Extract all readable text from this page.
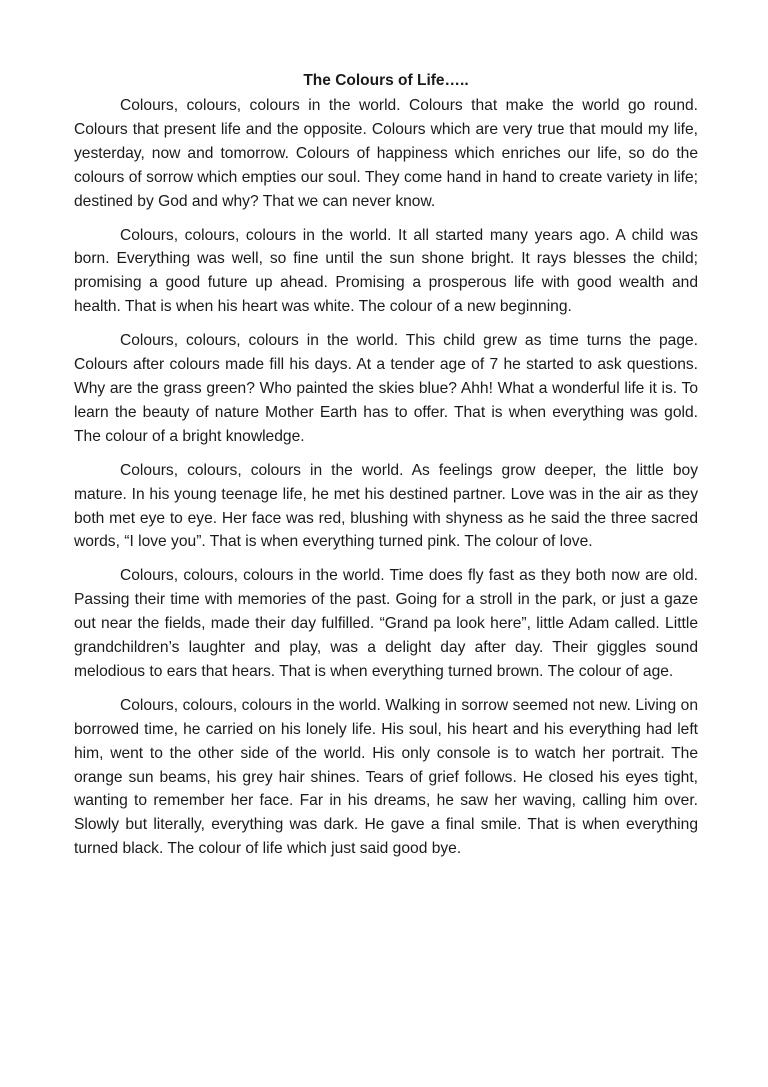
The Colours of Life…..

Colours, colours, colours in the world. Colours that make the world go round. Colours that present life and the opposite. Colours which are very true that mould my life, yesterday, now and tomorrow. Colours of happiness which enriches our life, so do the colours of sorrow which empties our soul. They come hand in hand to create variety in life; destined by God and why? That we can never know.

Colours, colours, colours in the world. It all started many years ago. A child was born. Everything was well, so fine until the sun shone bright. It rays blesses the child; promising a good future up ahead. Promising a prosperous life with good wealth and health. That is when his heart was white. The colour of a new beginning.

Colours, colours, colours in the world. This child grew as time turns the page. Colours after colours made fill his days. At a tender age of 7 he started to ask questions. Why are the grass green? Who painted the skies blue? Ahh! What a wonderful life it is. To learn the beauty of nature Mother Earth has to offer. That is when everything was gold. The colour of a bright knowledge.

Colours, colours, colours in the world. As feelings grow deeper, the little boy mature. In his young teenage life, he met his destined partner. Love was in the air as they both met eye to eye. Her face was red, blushing with shyness as he said the three sacred words, “I love you”. That is when everything turned pink. The colour of love.

Colours, colours, colours in the world. Time does fly fast as they both now are old. Passing their time with memories of the past. Going for a stroll in the park, or just a gaze out near the fields, made their day fulfilled. “Grand pa look here”, little Adam called. Little grandchildren’s laughter and play, was a delight day after day. Their giggles sound melodious to ears that hears. That is when everything turned brown. The colour of age.

Colours, colours, colours in the world. Walking in sorrow seemed not new. Living on borrowed time, he carried on his lonely life. His soul, his heart and his everything had left him, went to the other side of the world. His only console is to watch her portrait. The orange sun beams, his grey hair shines. Tears of grief follows. He closed his eyes tight, wanting to remember her face. Far in his dreams, he saw her waving, calling him over. Slowly but literally, everything was dark. He gave a final smile. That is when everything turned black. The colour of life which just said good bye.
